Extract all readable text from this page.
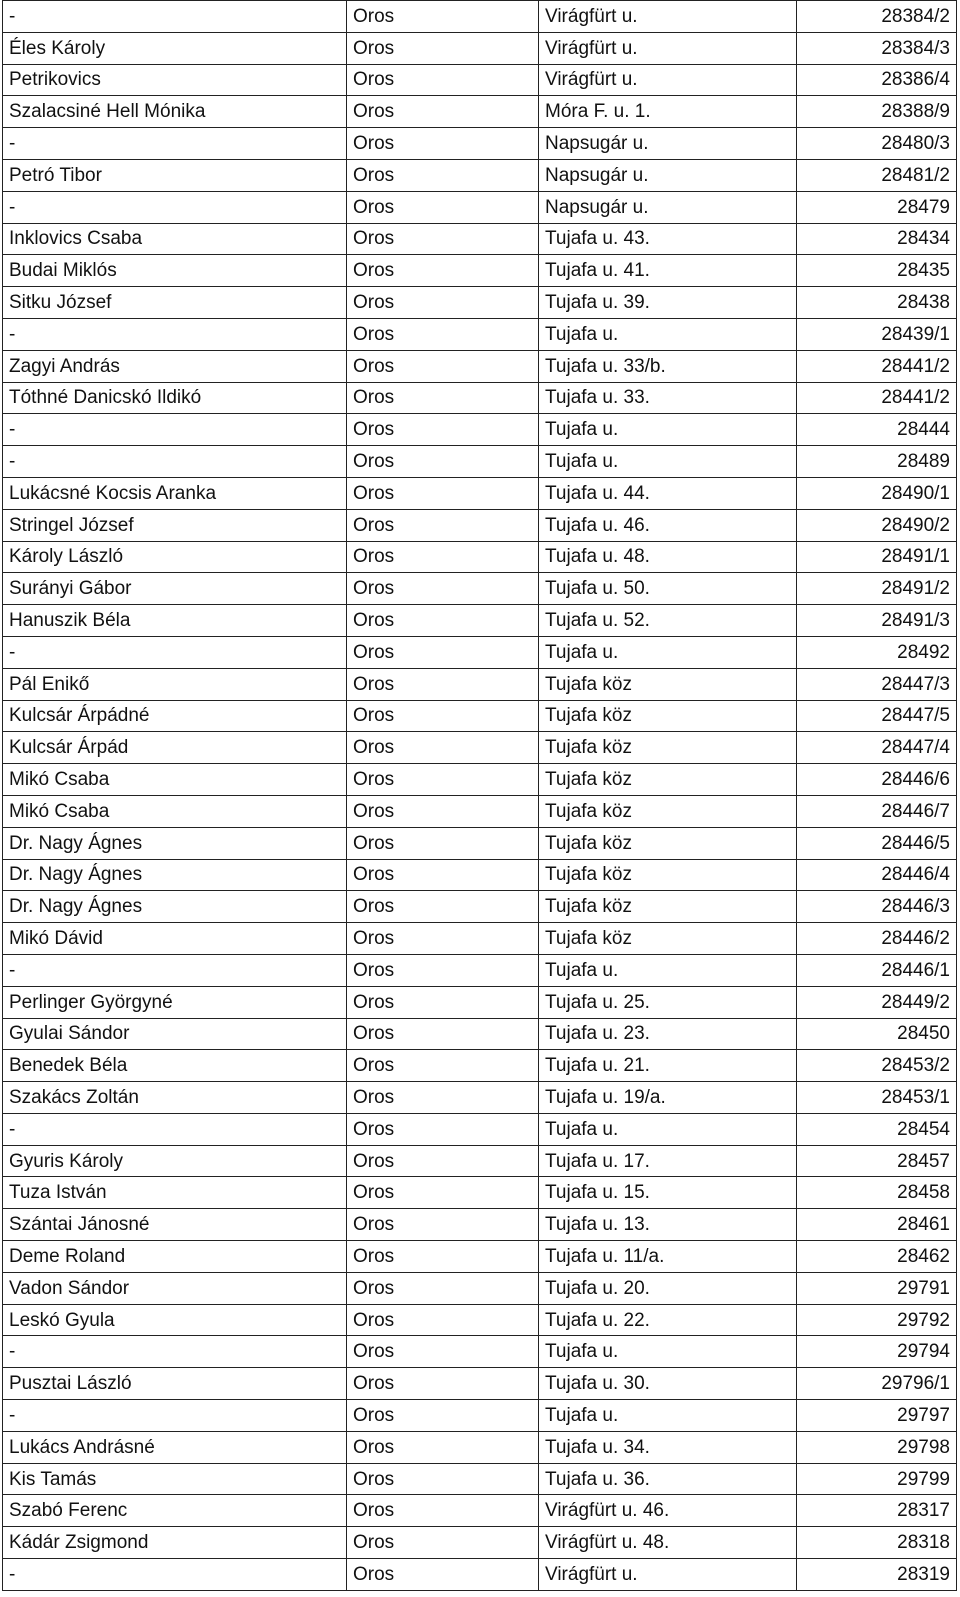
-	Oros	Virágfürt u.	28384/2
Éles Károly	Oros	Virágfürt u.	28384/3
Petrikovics	Oros	Virágfürt u.	28386/4
Szalacsiné Hell Mónika	Oros	Móra F. u. 1.	28388/9
-	Oros	Napsugár u.	28480/3
Petró Tibor	Oros	Napsugár u.	28481/2
-	Oros	Napsugár u.	28479
Inklovics Csaba	Oros	Tujafa u. 43.	28434
Budai Miklós	Oros	Tujafa u. 41.	28435
Sitku József	Oros	Tujafa u. 39.	28438
-	Oros	Tujafa u.	28439/1
Zagyi András	Oros	Tujafa u. 33/b.	28441/2
Tóthné Danicskó Ildikó	Oros	Tujafa u. 33.	28441/2
-	Oros	Tujafa u.	28444
-	Oros	Tujafa u.	28489
Lukácsné Kocsis Aranka	Oros	Tujafa u. 44.	28490/1
Stringel József	Oros	Tujafa u. 46.	28490/2
Károly László	Oros	Tujafa u. 48.	28491/1
Surányi Gábor	Oros	Tujafa u. 50.	28491/2
Hanuszik Béla	Oros	Tujafa u. 52.	28491/3
-	Oros	Tujafa u.	28492
Pál Enikő	Oros	Tujafa köz	28447/3
Kulcsár Árpádné	Oros	Tujafa köz	28447/5
Kulcsár Árpád	Oros	Tujafa köz	28447/4
Mikó Csaba	Oros	Tujafa köz	28446/6
Mikó Csaba	Oros	Tujafa köz	28446/7
Dr. Nagy Ágnes	Oros	Tujafa köz	28446/5
Dr. Nagy Ágnes	Oros	Tujafa köz	28446/4
Dr. Nagy Ágnes	Oros	Tujafa köz	28446/3
Mikó Dávid	Oros	Tujafa köz	28446/2
-	Oros	Tujafa u.	28446/1
Perlinger Györgyné	Oros	Tujafa u. 25.	28449/2
Gyulai Sándor	Oros	Tujafa u. 23.	28450
Benedek Béla	Oros	Tujafa u. 21.	28453/2
Szakács Zoltán	Oros	Tujafa u. 19/a.	28453/1
-	Oros	Tujafa u.	28454
Gyuris Károly	Oros	Tujafa u. 17.	28457
Tuza István	Oros	Tujafa u. 15.	28458
Szántai Jánosné	Oros	Tujafa u. 13.	28461
Deme Roland	Oros	Tujafa u. 11/a.	28462
Vadon Sándor	Oros	Tujafa u. 20.	29791
Leskó Gyula	Oros	Tujafa u. 22.	29792
-	Oros	Tujafa u.	29794
Pusztai László	Oros	Tujafa u. 30.	29796/1
-	Oros	Tujafa u.	29797
Lukács Andrásné	Oros	Tujafa u. 34.	29798
Kis Tamás	Oros	Tujafa u. 36.	29799
Szabó Ferenc	Oros	Virágfürt u. 46.	28317
Kádár Zsigmond	Oros	Virágfürt u. 48.	28318
-	Oros	Virágfürt u.	28319
